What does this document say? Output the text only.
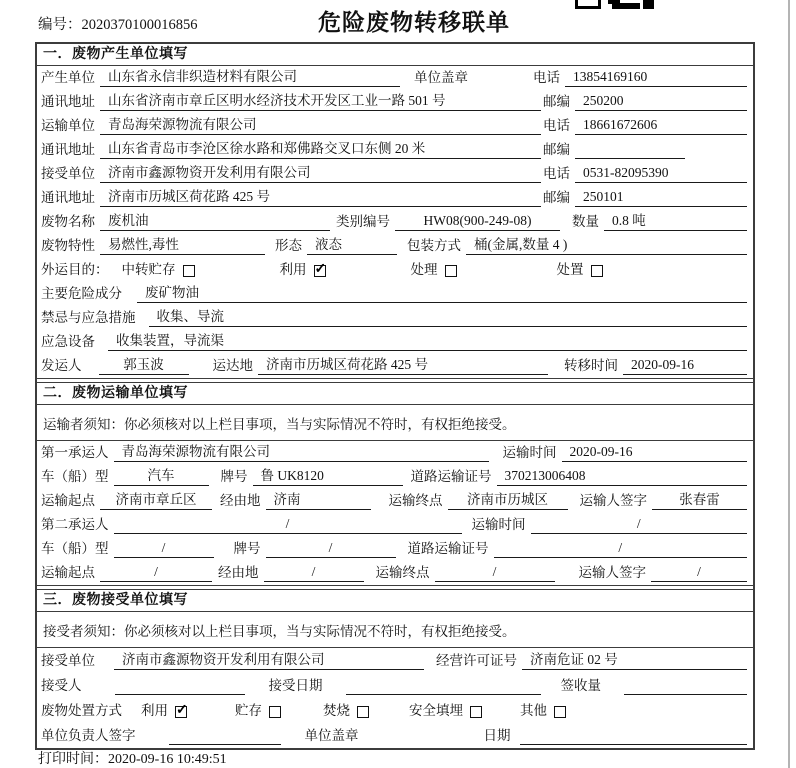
编号：2020370100016856	危险废物转移联单
一．废物产生单位填写
产生单位 山东省永信非织造材料有限公司	单位盖章	电话 13854169160
通讯地址 山东省济南市章丘区明水经济技术开发区工业一路 501 号	邮编 250200
运输单位 青岛海荣源物流有限公司	电话 18661672606
通讯地址 山东省青岛市李沧区徐水路和郑佛路交叉口东侧 20 米	邮编
接受单位 济南市鑫源物资开发利用有限公司	电话 0531-82095390
通讯地址 济南市历城区荷花路 425 号	邮编 250101
废物名称 废机油	类别编号	HW08(900-249-08)	数量 0.8 吨
废物特性 易燃性,毒性	形态 液态	包装方式 桶(金属,数量 4 )
外运目的： 中转贮存	利用 ✓	处理	处置
主要危险成分	废矿物油
禁忌与应急措施	收集、导流
应急设备	收集装置，导流渠
发运人	郭玉波	运达地 济南市历城区荷花路 425 号	转移时间 2020-09-16
二．废物运输单位填写
运输者须知：你必须核对以上栏目事项，当与实际情况不符时，有权拒绝接受。
第一承运人 青岛海荣源物流有限公司	运输时间 2020-09-16
车（船）型	汽车	牌号 鲁 UK8120	道路运输证号 370213006408
运输起点	济南市章丘区	经由地 济南	运输终点	济南市历城区	运输人签字	张春雷
第二承运人	/	运输时间	/
车（船）型	/	牌号	/	道路运输证号	/
运输起点	/	经由地	/	运输终点	/	运输人签字	/
三．废物接受单位填写
接受者须知：你必须核对以上栏目事项，当与实际情况不符时，有权拒绝接受。
接受单位	济南市鑫源物资开发利用有限公司	经营许可证号 济南危证 02 号
接受人	接受日期	签收量
废物处置方式	利用 ✓	贮存	焚烧	安全填埋	其他
单位负责人签字	单位盖章	日期
打印时间：2020-09-16 10:49:51
